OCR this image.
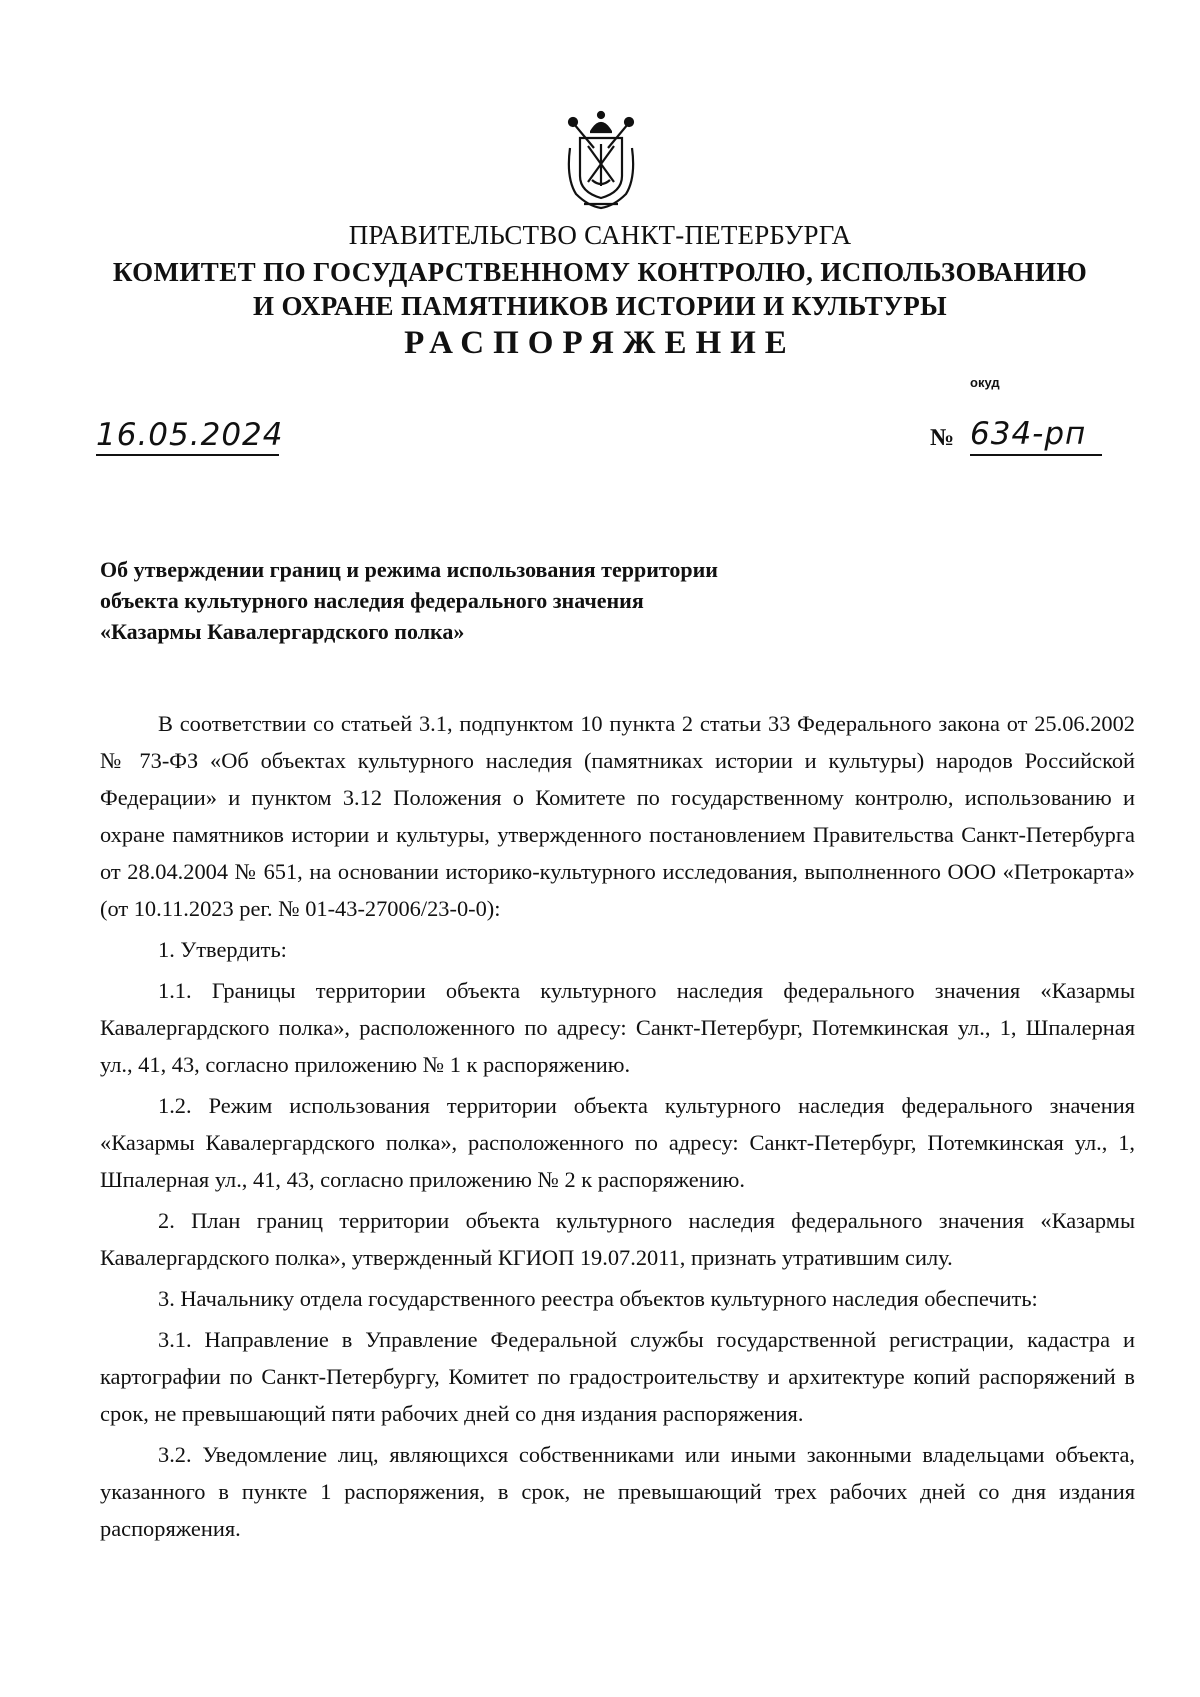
ПРАВИТЕЛЬСТВО САНКТ-ПЕТЕРБУРГА
КОМИТЕТ ПО ГОСУДАРСТВЕННОМУ КОНТРОЛЮ, ИСПОЛЬЗОВАНИЮ
И ОХРАНЕ ПАМЯТНИКОВ ИСТОРИИ И КУЛЬТУРЫ
РАСПОРЯЖЕНИЕ
окуд
16.05.2024	№ 634-рп
Об утверждении границ и режима использования территории
объекта культурного наследия федерального значения
«Казармы Кавалергардского полка»

В соответствии со статьей 3.1, подпунктом 10 пункта 2 статьи 33 Федерального закона от 25.06.2002 № 73-ФЗ «Об объектах культурного наследия (памятниках истории и культуры) народов Российской Федерации» и пунктом 3.12 Положения о Комитете по государственному контролю, использованию и охране памятников истории и культуры, утвержденного постановлением Правительства Санкт-Петербурга от 28.04.2004 № 651, на основании историко-культурного исследования, выполненного ООО «Петрокарта» (от 10.11.2023 рег. № 01-43-27006/23-0-0):

1. Утвердить:

1.1. Границы территории объекта культурного наследия федерального значения «Казармы Кавалергардского полка», расположенного по адресу: Санкт-Петербург, Потемкинская ул., 1, Шпалерная ул., 41, 43, согласно приложению № 1 к распоряжению.

1.2. Режим использования территории объекта культурного наследия федерального значения «Казармы Кавалергардского полка», расположенного по адресу: Санкт-Петербург, Потемкинская ул., 1, Шпалерная ул., 41, 43, согласно приложению № 2 к распоряжению.

2. План границ территории объекта культурного наследия федерального значения «Казармы Кавалергардского полка», утвержденный КГИОП 19.07.2011, признать утратившим силу.

3. Начальнику отдела государственного реестра объектов культурного наследия обеспечить:

3.1. Направление в Управление Федеральной службы государственной регистрации, кадастра и картографии по Санкт-Петербургу, Комитет по градостроительству и архитектуре копий распоряжений в срок, не превышающий пяти рабочих дней со дня издания распоряжения.

3.2. Уведомление лиц, являющихся собственниками или иными законными владельцами объекта, указанного в пункте 1 распоряжения, в срок, не превышающий трех рабочих дней со дня издания распоряжения.
